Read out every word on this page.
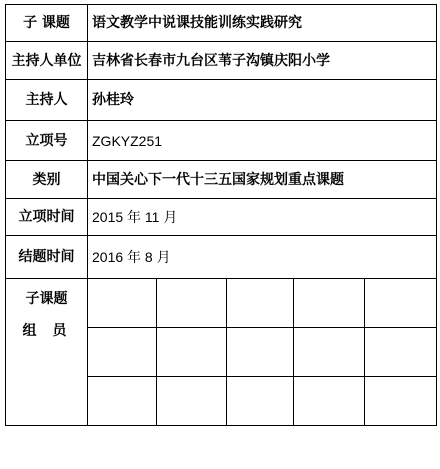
子 课题	语文教学中说课技能训练实践研究				
主持人单位	吉林省长春市九台区苇子沟镇庆阳小学				
主持人	孙桂玲				
立项号	ZGKYZ251				
类别	中国关心下一代十三五国家规划重点课题				
立项时间	2015 年 11 月				
结题时间	2016 年 8 月				

子课题
组员					
